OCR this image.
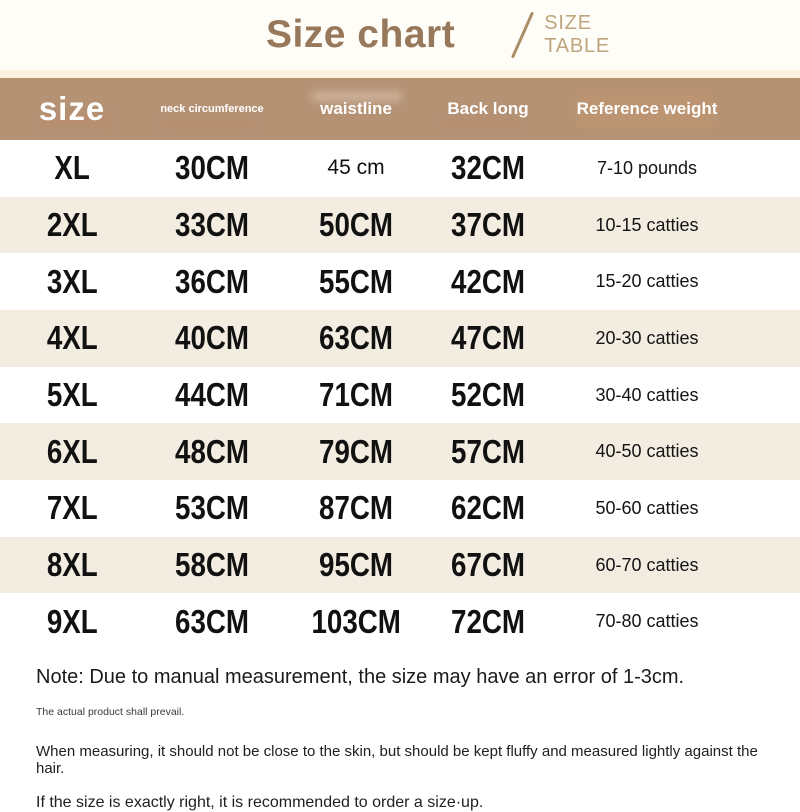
Size chart	SIZE
TABLE
size	neck circumference	waistline	Back long	Reference weight
XL	30CM	45 cm	32CM	7-10 pounds
2XL	33CM	50CM	37CM	10-15 catties
3XL	36CM	55CM	42CM	15-20 catties
4XL	40CM	63CM	47CM	20-30 catties
5XL	44CM	71CM	52CM	30-40 catties
6XL	48CM	79CM	57CM	40-50 catties
7XL	53CM	87CM	62CM	50-60 catties
8XL	58CM	95CM	67CM	60-70 catties
9XL	63CM	103CM	72CM	70-80 catties
Note: Due to manual measurement, the size may have an error of 1-3cm.
The actual product shall prevail.
When measuring, it should not be close to the skin, but should be kept fluffy and measured lightly against the hair.
If the size is exactly right, it is recommended to order a size·up.
